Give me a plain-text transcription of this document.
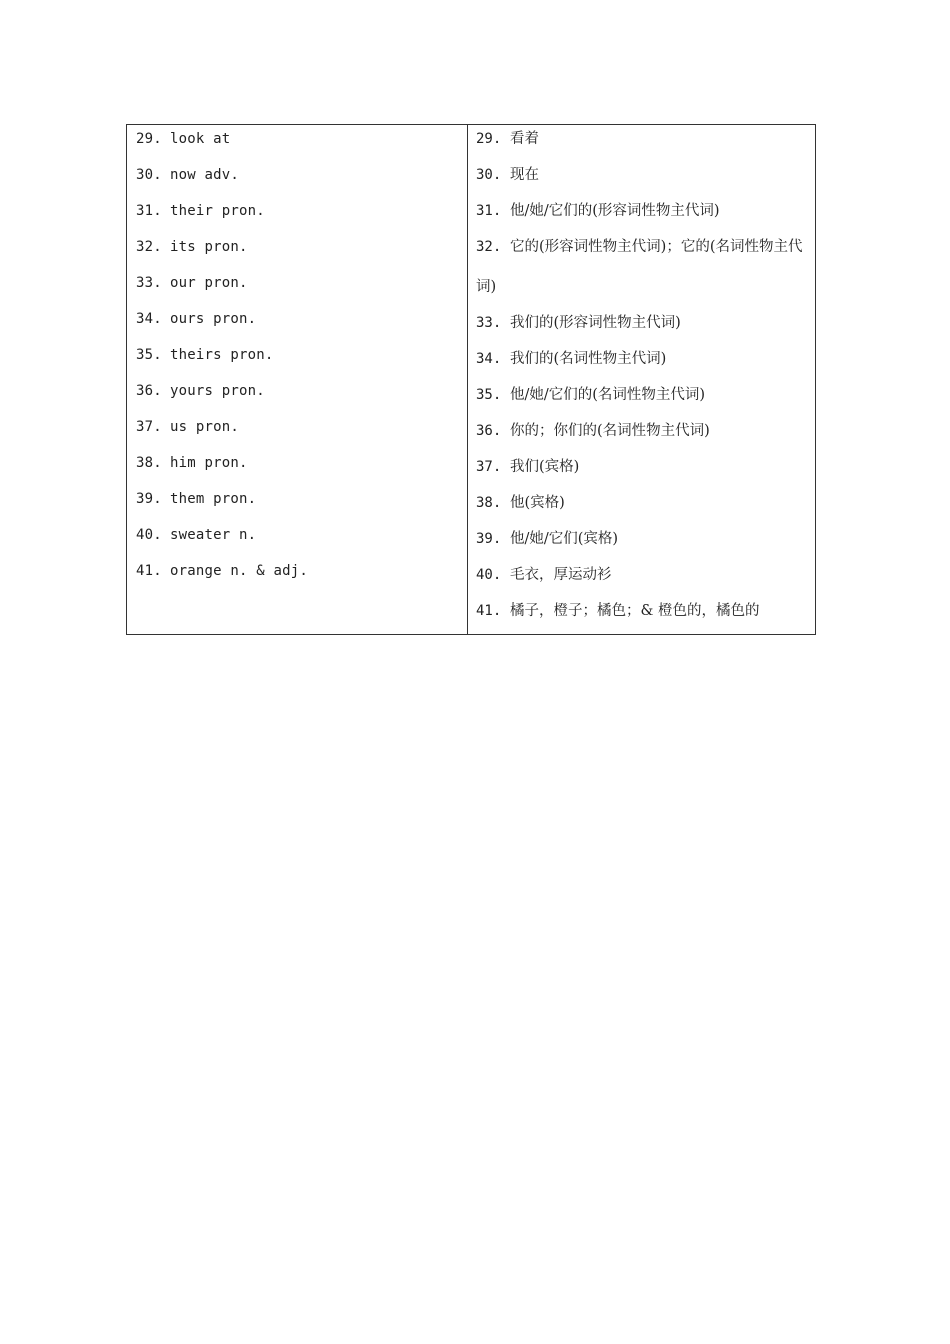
29. look at
30. now adv.
31. their pron.
32. its pron.
33. our pron.
34. ours pron.
35. theirs pron.
36. yours pron.
37. us pron.
38. him pron.
39. them pron.
40. sweater n.
41. orange n. & adj.
29. 看着
30. 现在
31. 他/她/它们的(形容词性物主代词)
32. 它的(形容词性物主代词)；它的(名词性物主代词)
33. 我们的(形容词性物主代词)
34. 我们的(名词性物主代词)
35. 他/她/它们的(名词性物主代词)
36. 你的；你们的(名词性物主代词)
37. 我们(宾格)
38. 他(宾格)
39. 他/她/它们(宾格)
40. 毛衣，厚运动衫
41. 橘子，橙子；橘色；& 橙色的，橘色的
